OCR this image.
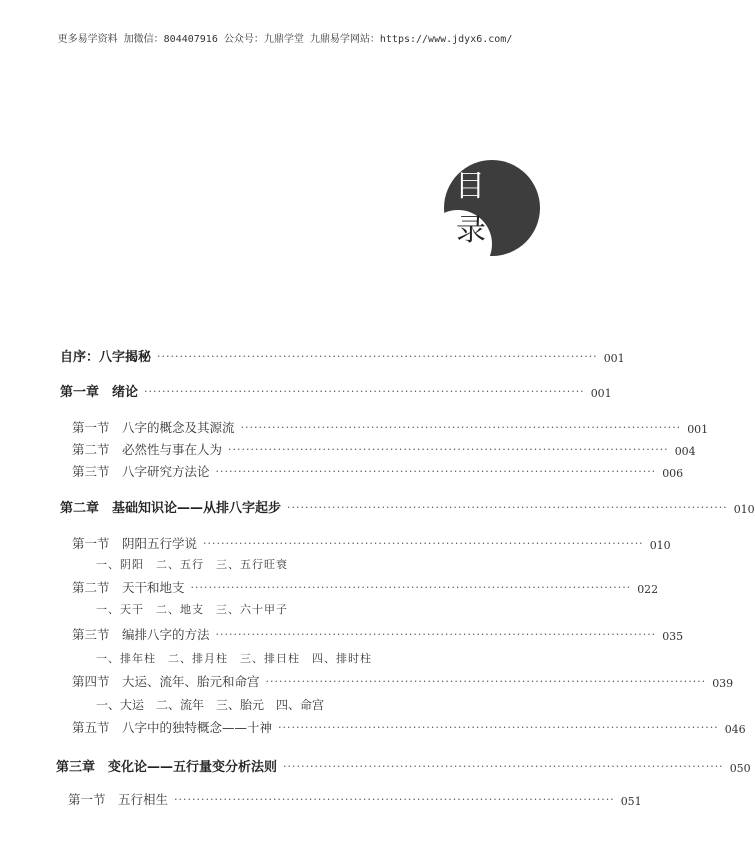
更多易学资料 加微信：804407916 公众号：九鼎学堂 九鼎易学网站：https://www.jdyx6.com/
目
录
自序：八字揭秘 ·································································································· 001
第一章　绪论 ·································································································· 001
第一节　八字的概念及其源流 ·································································································· 001
第二节　必然性与事在人为 ·································································································· 004
第三节　八字研究方法论 ·································································································· 006
第二章　基础知识论——从排八字起步 ·································································································· 010
第一节　阴阳五行学说 ·································································································· 010
一、阴阳　二、五行　三、五行旺衰
第二节　天干和地支 ·································································································· 022
一、天干　二、地支　三、六十甲子
第三节　编排八字的方法 ·································································································· 035
一、排年柱　二、排月柱　三、排日柱　四、排时柱
第四节　大运、流年、胎元和命宫 ·································································································· 039
一、大运　二、流年　三、胎元　四、命宫
第五节　八字中的独特概念——十神 ·································································································· 046
第三章　变化论——五行量变分析法则 ·································································································· 050
第一节　五行相生 ·································································································· 051
